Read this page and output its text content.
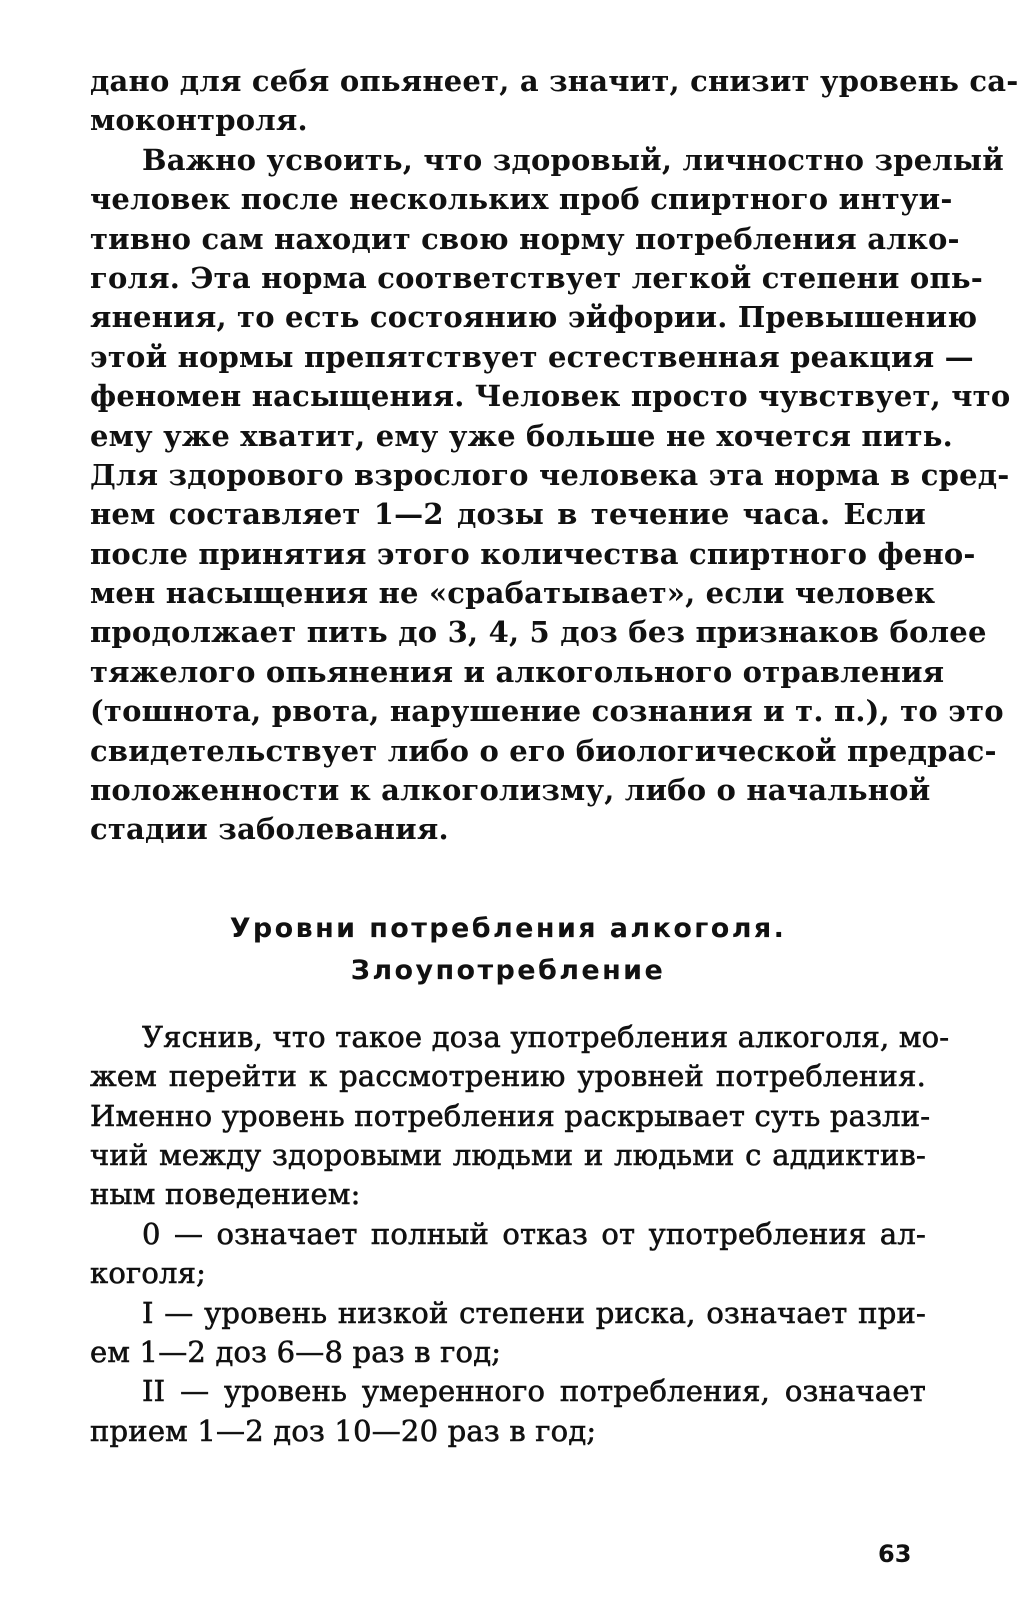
дано для себя опьянеет, а значит, снизит уровень са-
моконтроля.
Важно усвоить, что здоровый, личностно зрелый
человек после нескольких проб спиртного интуи-
тивно сам находит свою норму потребления алко-
голя. Эта норма соответствует легкой степени опь-
янения, то есть состоянию эйфории. Превышению
этой нормы препятствует естественная реакция —
феномен насыщения. Человек просто чувствует, что
ему уже хватит, ему уже больше не хочется пить.
Для здорового взрослого человека эта норма в сред-
нем составляет 1—2 дозы в течение часа. Если
после принятия этого количества спиртного фено-
мен насыщения не «срабатывает», если человек
продолжает пить до 3, 4, 5 доз без признаков более
тяжелого опьянения и алкогольного отравления
(тошнота, рвота, нарушение сознания и т. п.), то это
свидетельствует либо о его биологической предрас-
положенности к алкоголизму, либо о начальной
стадии заболевания.
Уровни потребления алкоголя.
Злоупотребление
Уяснив, что такое доза употребления алкоголя, мо-
жем перейти к рассмотрению уровней потребления.
Именно уровень потребления раскрывает суть разли-
чий между здоровыми людьми и людьми с аддиктив-
ным поведением:
0 — означает полный отказ от употребления ал-
коголя;
I — уровень низкой степени риска, означает при-
ем 1—2 доз 6—8 раз в год;
II — уровень умеренного потребления, означает
прием 1—2 доз 10—20 раз в год;
63
